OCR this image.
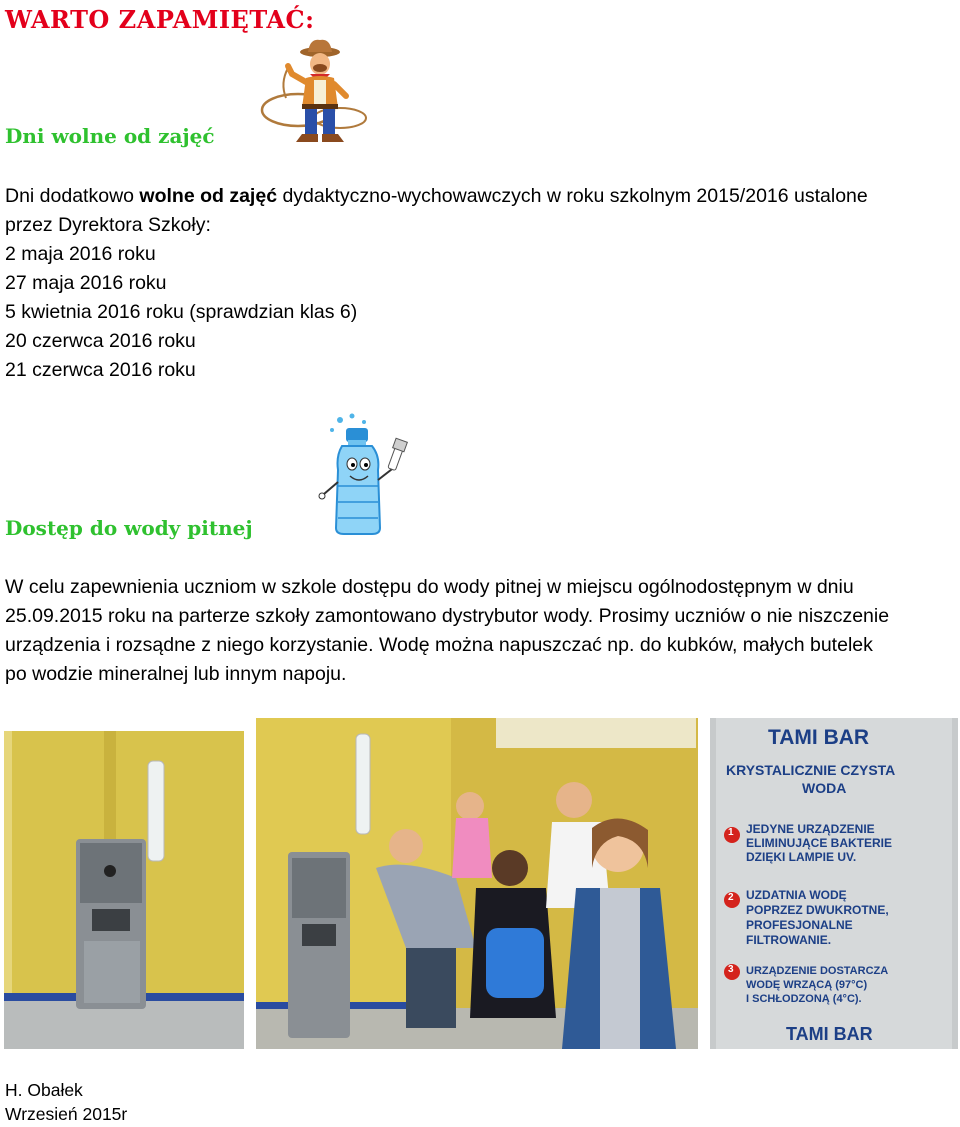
WARTO ZAPAMIĘTAĆ:
Dni wolne od zajęć
Dni dodatkowo wolne od zajęć dydaktyczno-wychowawczych w roku szkolnym 2015/2016 ustalone
przez Dyrektora Szkoły:
2 maja 2016 roku
27 maja 2016 roku
5 kwietnia 2016 roku (sprawdzian klas 6)
20 czerwca 2016 roku
21 czerwca 2016 roku
Dostęp do wody pitnej
W celu zapewnienia uczniom w szkole dostępu do wody pitnej w miejscu ogólnodostępnym w dniu
25.09.2015 roku na parterze szkoły zamontowano dystrybutor wody. Prosimy uczniów o nie niszczenie
urządzenia i rozsądne z niego korzystanie. Wodę można napuszczać np. do kubków, małych butelek
po wodzie mineralnej lub innym napoju.
TAMI BAR
KRYSTALICZNIE CZYSTA
WODA
1 JEDYNE URZĄDZENIE
ELIMINUJĄCE BAKTERIE
DZIĘKI LAMPIE UV.
2 UZDATNIA WODĘ
POPRZEZ DWUKROTNE,
PROFESJONALNE
FILTROWANIE.
3 URZĄDZENIE DOSTARCZA
WODĘ WRZĄCĄ (97°C)
I SCHŁODZONĄ (4°C).
TAMI BAR
H. Obałek
Wrzesień 2015r
